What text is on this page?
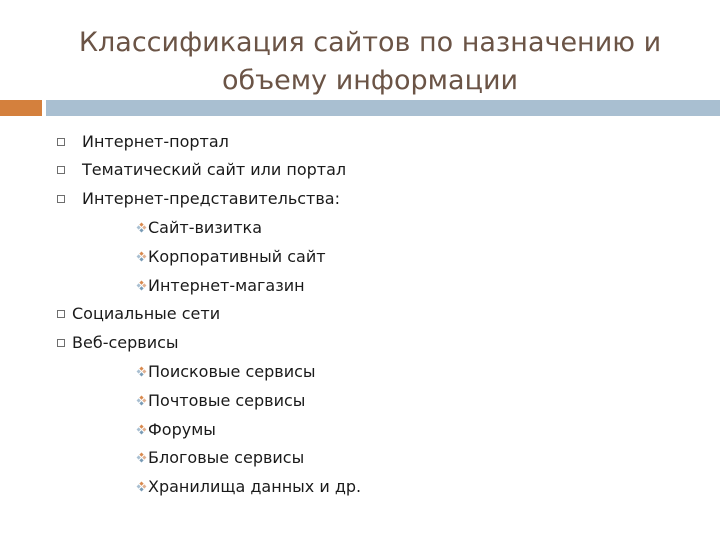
Классификация сайтов по назначению и
объему информации
Интернет-портал
Тематический сайт или портал
Интернет-представительства:
Сайт-визитка
Корпоративный сайт
Интернет-магазин
Социальные сети
Веб-сервисы
Поисковые сервисы
Почтовые сервисы
Форумы
Блоговые сервисы
Хранилища данных и др.
